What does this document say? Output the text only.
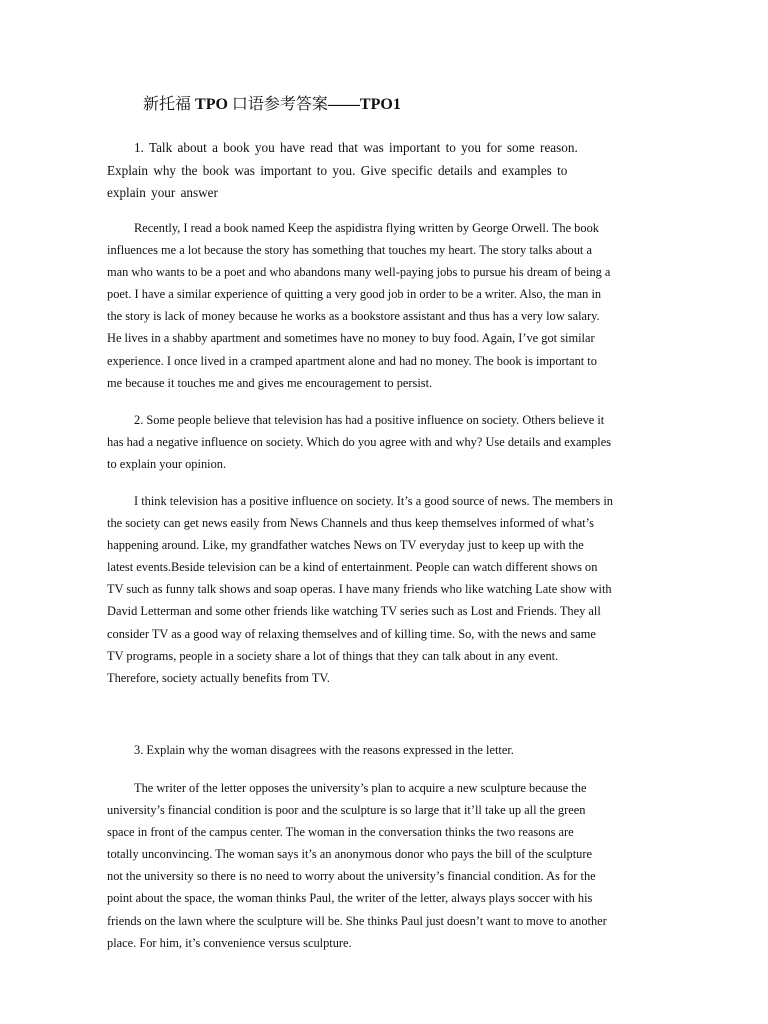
新托福 TPO 口语参考答案——TPO1
1. Talk about a book you have read that was important to you for some reason.
Explain why the book was important to you. Give specific details and examples to
explain your answer
Recently, I read a book named Keep the aspidistra flying written by George Orwell. The book
influences me a lot because the story has something that touches my heart. The story talks about a
man who wants to be a poet and who abandons many well-paying jobs to pursue his dream of being a
poet. I have a similar experience of quitting a very good job in order to be a writer. Also, the man in
the story is lack of money because he works as a bookstore assistant and thus has a very low salary.
He lives in a shabby apartment and sometimes have no money to buy food. Again, I’ve got similar
experience. I once lived in a cramped apartment alone and had no money. The book is important to
me because it touches me and gives me encouragement to persist.
2. Some people believe that television has had a positive influence on society. Others believe it
has had a negative influence on society. Which do you agree with and why? Use details and examples
to explain your opinion.
I think television has a positive influence on society. It’s a good source of news. The members in
the society can get news easily from News Channels and thus keep themselves informed of what’s
happening around. Like, my grandfather watches News on TV everyday just to keep up with the
latest events.Beside television can be a kind of entertainment. People can watch different shows on
TV such as funny talk shows and soap operas. I have many friends who like watching Late show with
David Letterman and some other friends like watching TV series such as Lost and Friends. They all
consider TV as a good way of relaxing themselves and of killing time. So, with the news and same
TV programs, people in a society share a lot of things that they can talk about in any event.
Therefore, society actually benefits from TV.
3. Explain why the woman disagrees with the reasons expressed in the letter.
The writer of the letter opposes the university’s plan to acquire a new sculpture because the
university’s financial condition is poor and the sculpture is so large that it’ll take up all the green
space in front of the campus center. The woman in the conversation thinks the two reasons are
totally unconvincing. The woman says it’s an anonymous donor who pays the bill of the sculpture
not the university so there is no need to worry about the university’s financial condition. As for the
point about the space, the woman thinks Paul, the writer of the letter, always plays soccer with his
friends on the lawn where the sculpture will be. She thinks Paul just doesn’t want to move to another
place. For him, it’s convenience versus sculpture.
